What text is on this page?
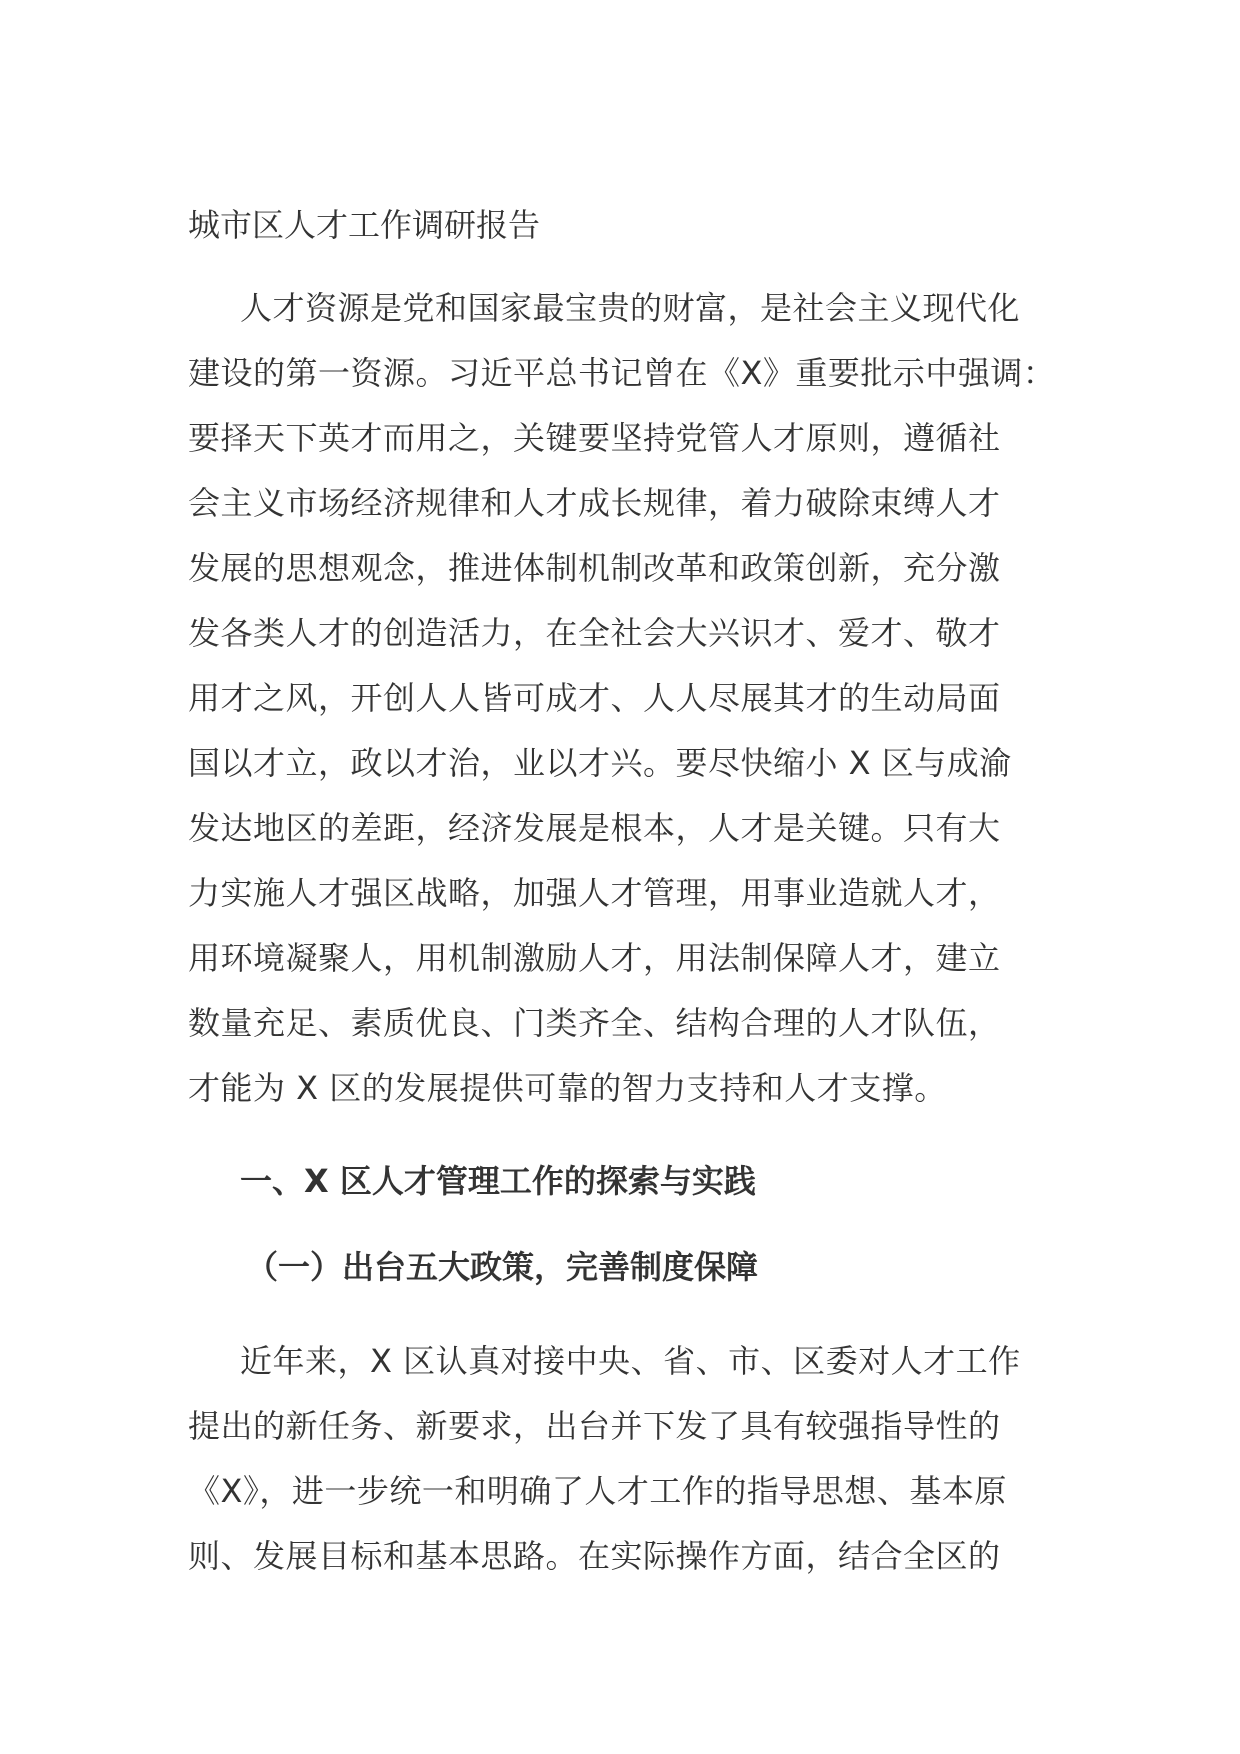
城市区人才工作调研报告
人才资源是党和国家最宝贵的财富，是社会主义现代化
建设的第一资源。习近平总书记曾在《X》重要批示中强调：
要择天下英才而用之，关键要坚持党管人才原则，遵循社
会主义市场经济规律和人才成长规律，着力破除束缚人才
发展的思想观念，推进体制机制改革和政策创新，充分激
发各类人才的创造活力，在全社会大兴识才、爱才、敬才
用才之风，开创人人皆可成才、人人尽展其才的生动局面
国以才立，政以才治，业以才兴。要尽快缩小 X 区与成渝
发达地区的差距，经济发展是根本，人才是关键。只有大
力实施人才强区战略，加强人才管理，用事业造就人才，
用环境凝聚人，用机制激励人才，用法制保障人才，建立
数量充足、素质优良、门类齐全、结构合理的人才队伍，
才能为 X 区的发展提供可靠的智力支持和人才支撑。
一、X 区人才管理工作的探索与实践
（一）出台五大政策，完善制度保障
近年来，X 区认真对接中央、省、市、区委对人才工作
提出的新任务、新要求，出台并下发了具有较强指导性的
《X》，进一步统一和明确了人才工作的指导思想、基本原
则、发展目标和基本思路。在实际操作方面，结合全区的
